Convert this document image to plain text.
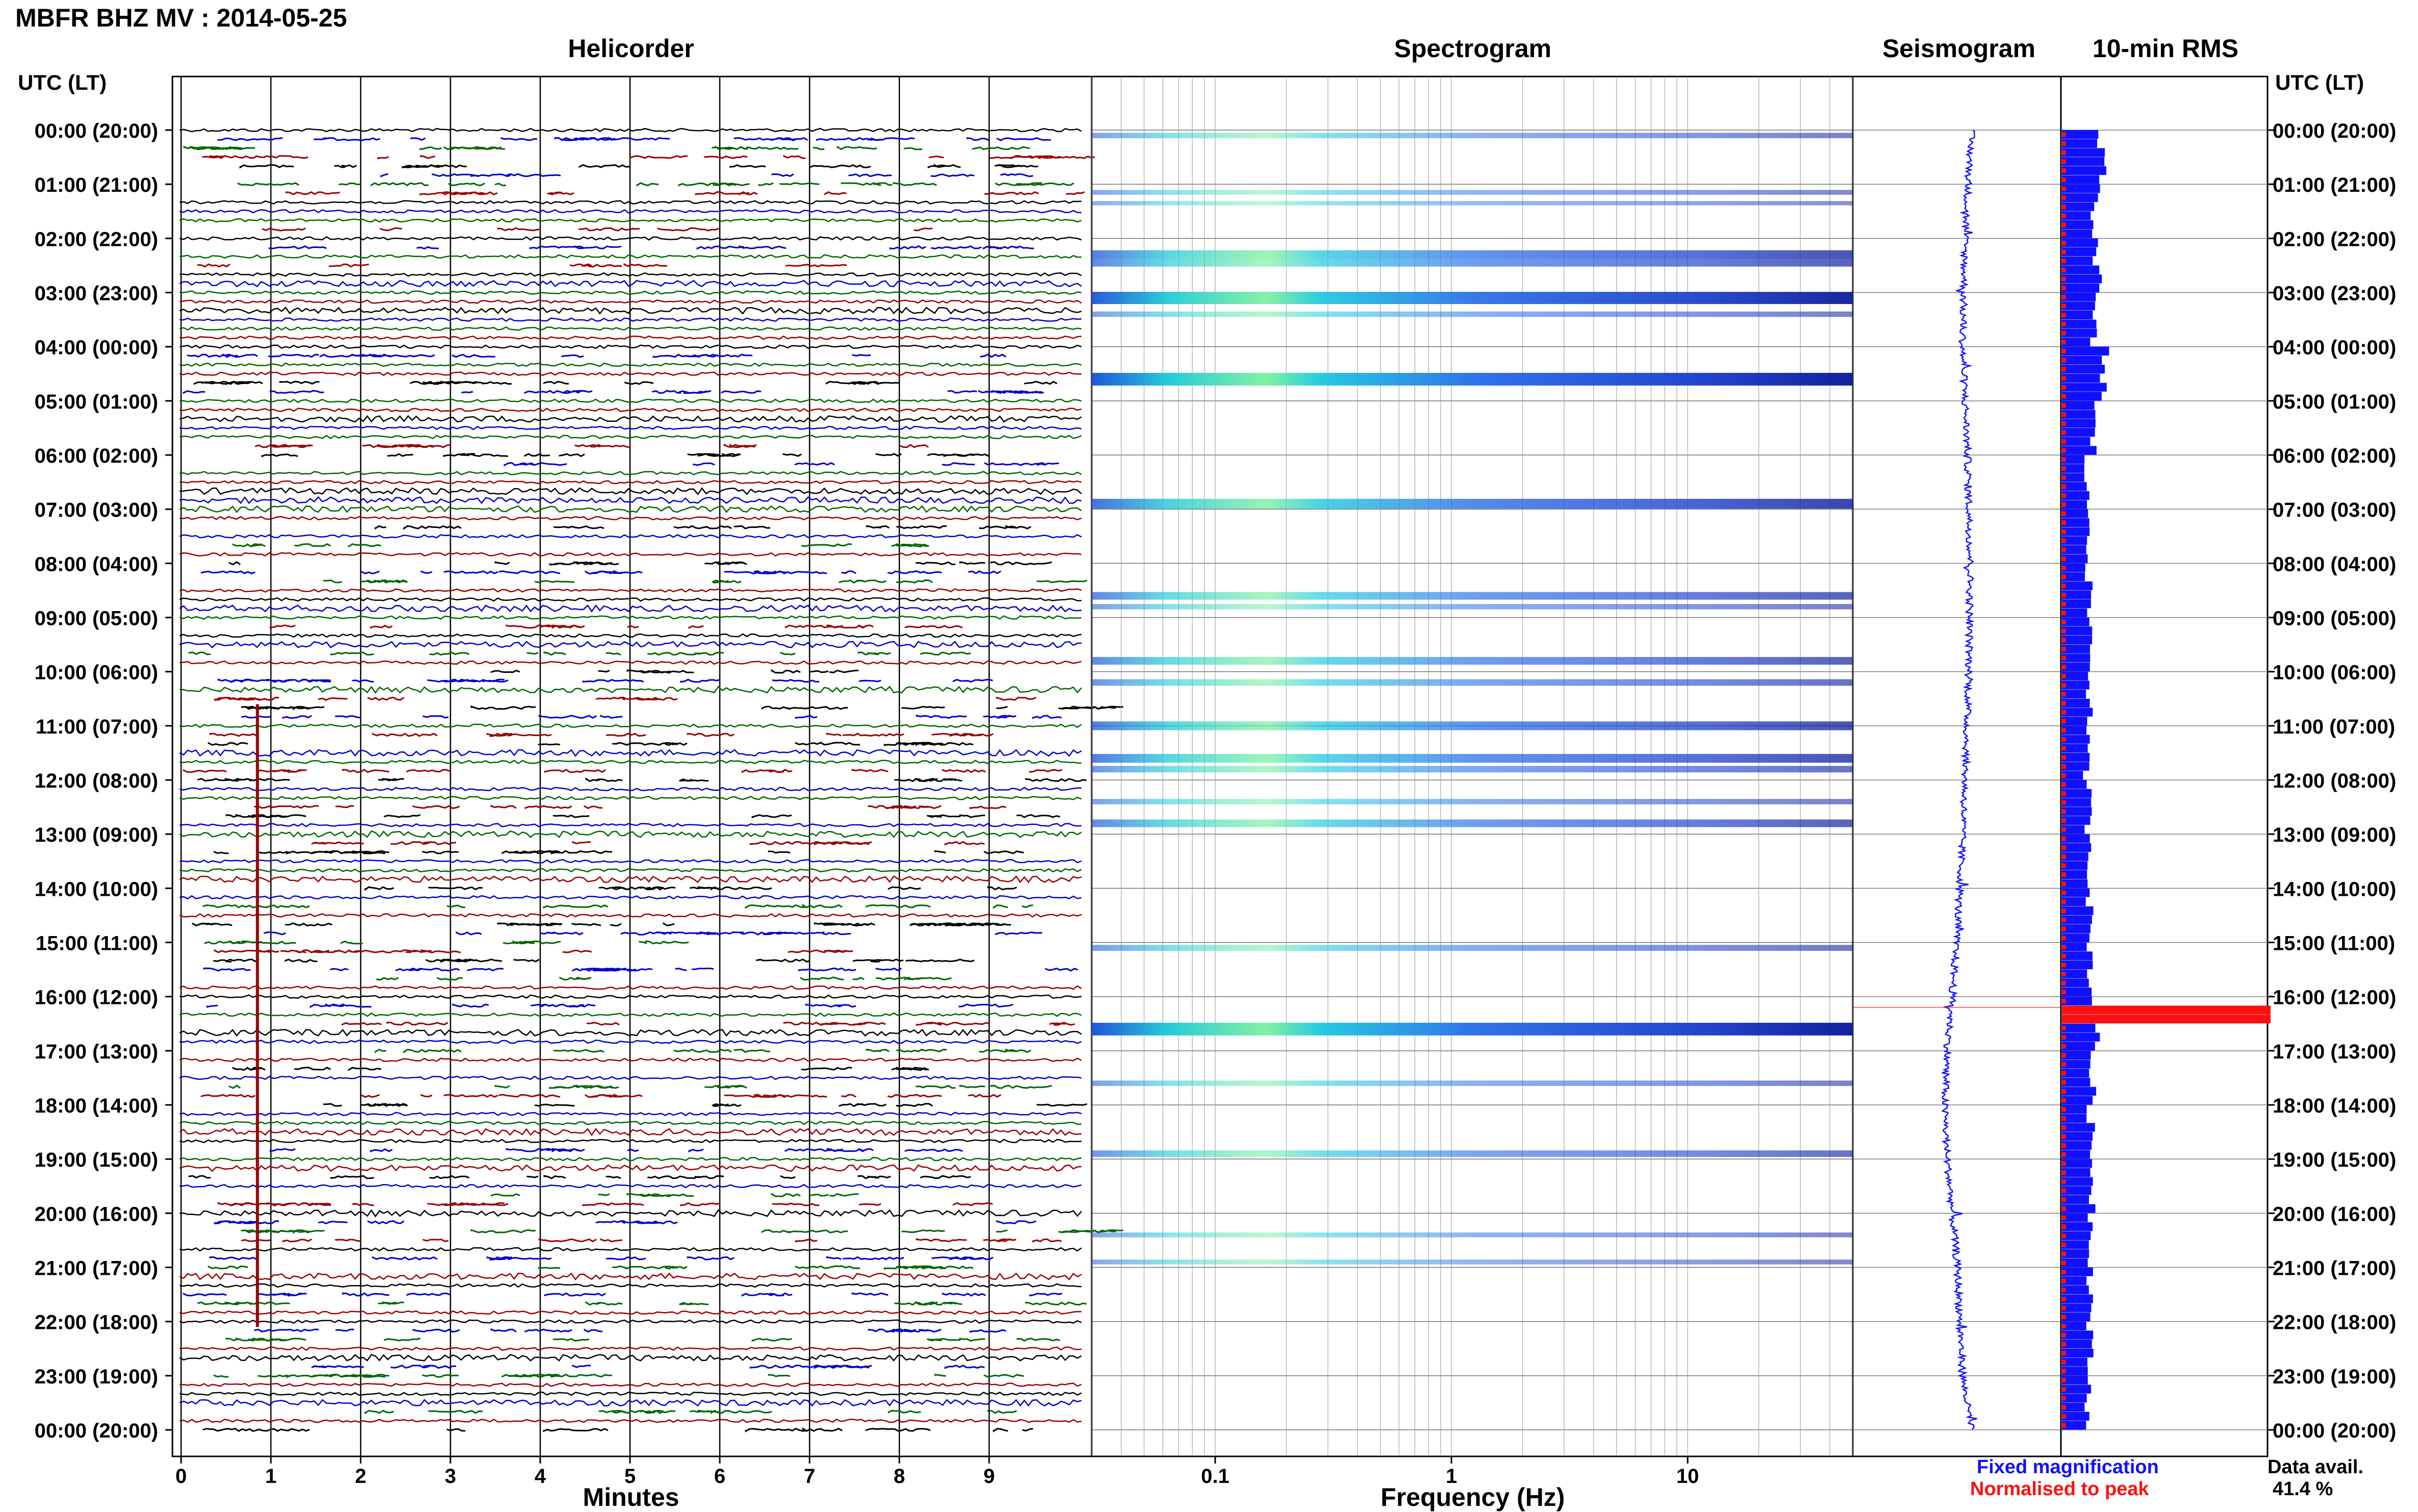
MBFR BHZ MV : 2014-05-25
Helicorder	Spectrogram	Seismogram 10-min RMS
UTC (LT)	UTC (LT)
Minutes	Frequency (Hz)
Fixed magnification
Normalised to peak
Data avail.
41.4 %
00:00 (20:00)	00:00 (20:00)
01:00 (21:00)	01:00 (21:00)
02:00 (22:00)	02:00 (22:00)
03:00 (23:00)	03:00 (23:00)
04:00 (00:00)	04:00 (00:00)
05:00 (01:00)	05:00 (01:00)
06:00 (02:00)	06:00 (02:00)
07:00 (03:00)	07:00 (03:00)
08:00 (04:00)	08:00 (04:00)
09:00 (05:00)	09:00 (05:00)
10:00 (06:00)	10:00 (06:00)
11:00 (07:00)	11:00 (07:00)
12:00 (08:00)	12:00 (08:00)
13:00 (09:00)	13:00 (09:00)
14:00 (10:00)	14:00 (10:00)
15:00 (11:00)	15:00 (11:00)
16:00 (12:00)	16:00 (12:00)
17:00 (13:00)	17:00 (13:00)
18:00 (14:00)	18:00 (14:00)
19:00 (15:00)	19:00 (15:00)
20:00 (16:00)	20:00 (16:00)
21:00 (17:00)	21:00 (17:00)
22:00 (18:00)	22:00 (18:00)
23:00 (19:00)	23:00 (19:00)
00:00 (20:00)	00:00 (20:00)
0	1	2	3	4	5	6	7	8	9	0.1	1	10
